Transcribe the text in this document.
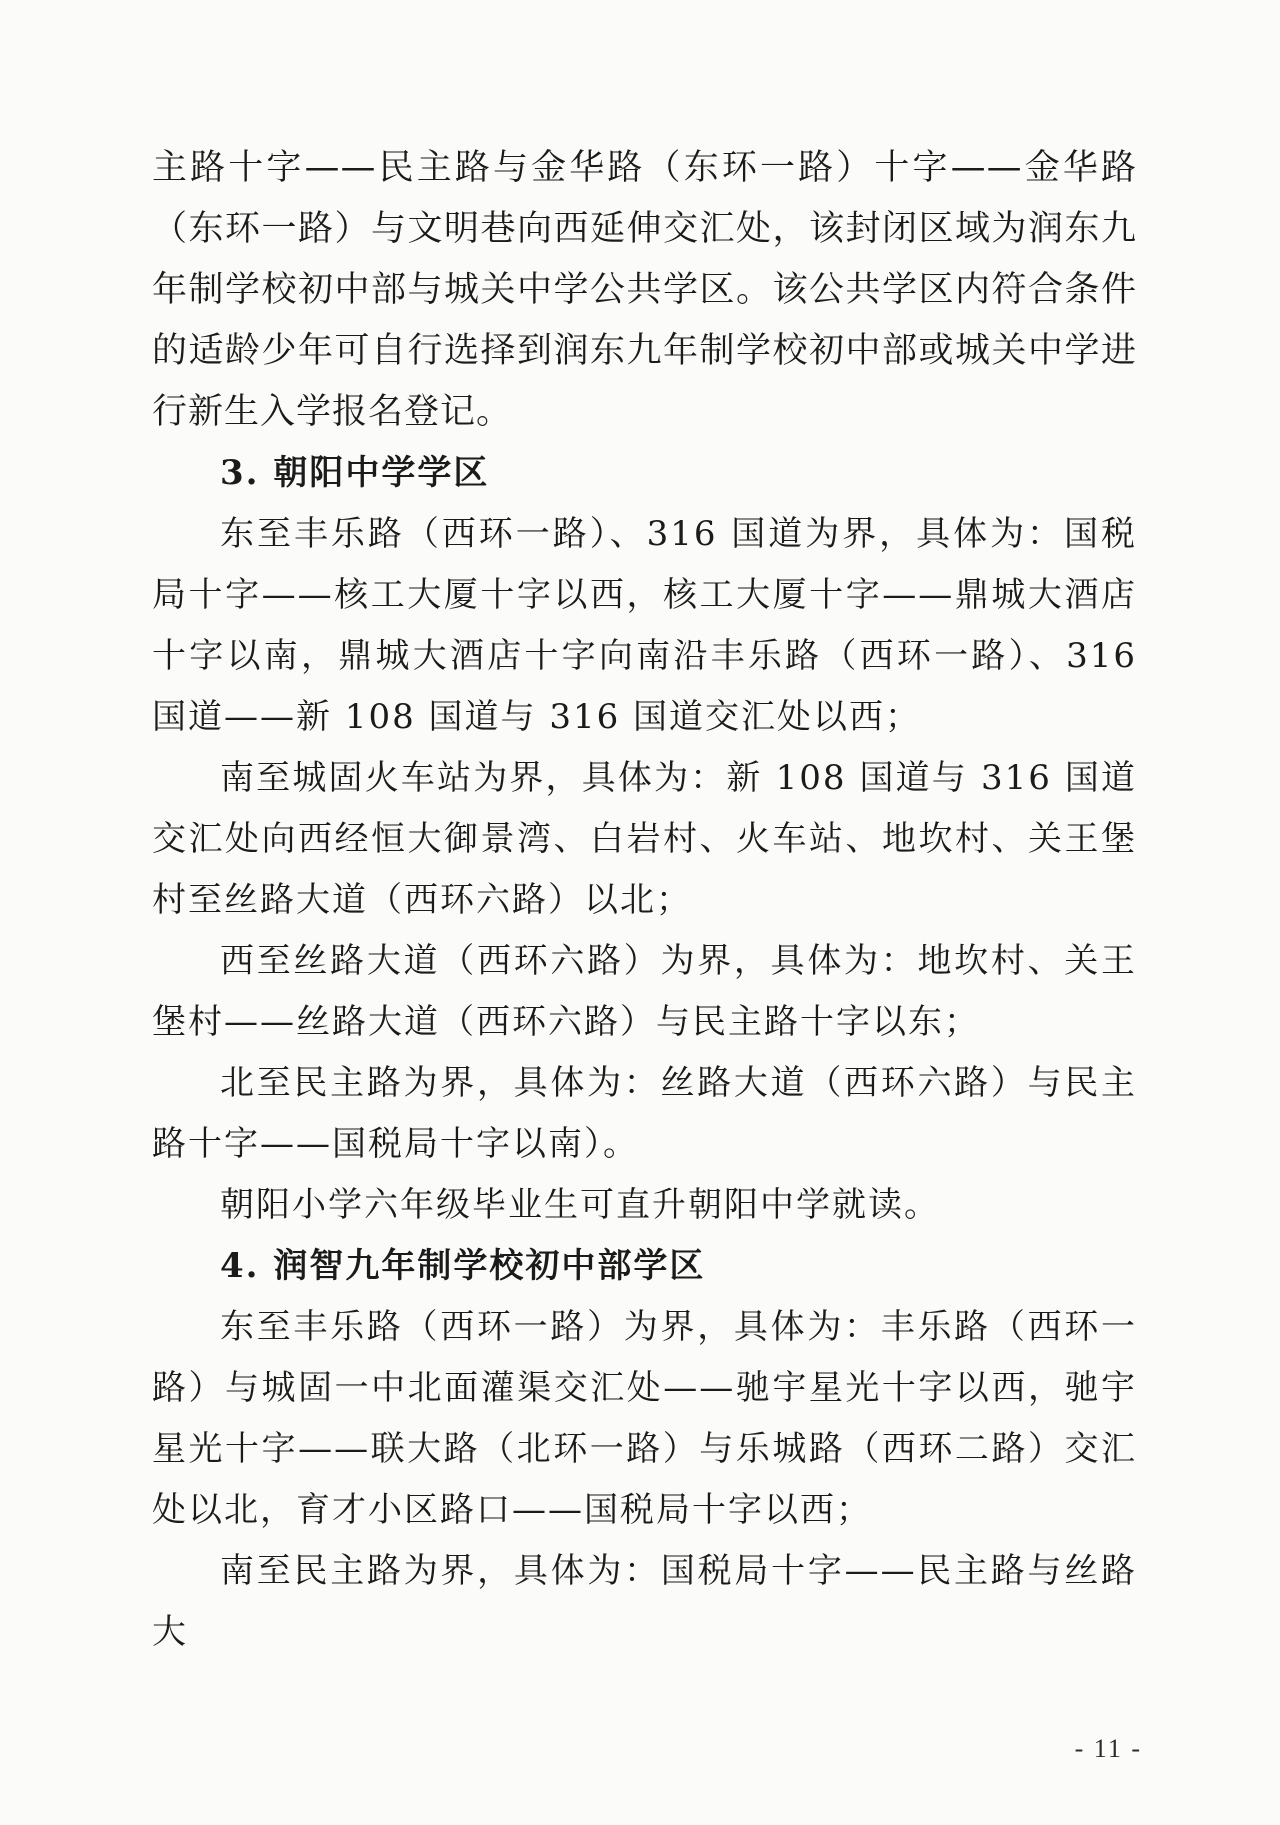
主路十字——民主路与金华路（东环一路）十字——金华路（东环一路）与文明巷向西延伸交汇处，该封闭区域为润东九年制学校初中部与城关中学公共学区。该公共学区内符合条件的适龄少年可自行选择到润东九年制学校初中部或城关中学进行新生入学报名登记。

3. 朝阳中学学区

东至丰乐路（西环一路）、316 国道为界，具体为：国税局十字——核工大厦十字以西，核工大厦十字——鼎城大酒店十字以南，鼎城大酒店十字向南沿丰乐路（西环一路）、316 国道——新 108 国道与 316 国道交汇处以西；

南至城固火车站为界，具体为：新 108 国道与 316 国道交汇处向西经恒大御景湾、白岩村、火车站、地坎村、关王堡村至丝路大道（西环六路）以北；

西至丝路大道（西环六路）为界，具体为：地坎村、关王堡村——丝路大道（西环六路）与民主路十字以东；

北至民主路为界，具体为：丝路大道（西环六路）与民主路十字——国税局十字以南）。

朝阳小学六年级毕业生可直升朝阳中学就读。

4. 润智九年制学校初中部学区

东至丰乐路（西环一路）为界，具体为：丰乐路（西环一路）与城固一中北面灌渠交汇处——驰宇星光十字以西，驰宇星光十字——联大路（北环一路）与乐城路（西环二路）交汇处以北，育才小区路口——国税局十字以西；

南至民主路为界，具体为：国税局十字——民主路与丝路大

- 11 -
